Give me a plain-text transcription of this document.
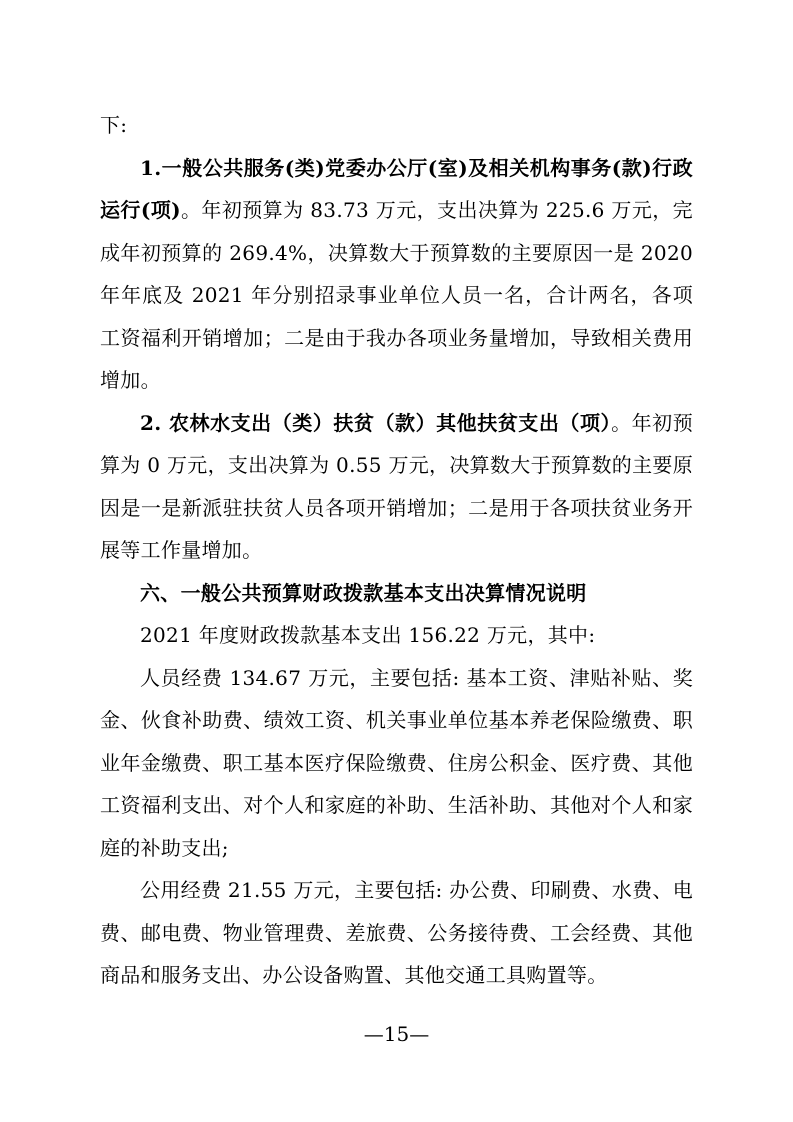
下:

1.一般公共服务(类)党委办公厅(室)及相关机构事务(款)行政运行(项)。年初预算为 83.73 万元，支出决算为 225.6 万元，完成年初预算的 269.4%，决算数大于预算数的主要原因一是 2020 年年底及 2021 年分别招录事业单位人员一名，合计两名，各项工资福利开销增加；二是由于我办各项业务量增加，导致相关费用增加。

2. 农林水支出（类）扶贫（款）其他扶贫支出（项）。年初预算为 0 万元，支出决算为 0.55 万元，决算数大于预算数的主要原因是一是新派驻扶贫人员各项开销增加；二是用于各项扶贫业务开展等工作量增加。

六、一般公共预算财政拨款基本支出决算情况说明

2021 年度财政拨款基本支出 156.22 万元，其中:

人员经费 134.67 万元，主要包括: 基本工资、津贴补贴、奖金、伙食补助费、绩效工资、机关事业单位基本养老保险缴费、职业年金缴费、职工基本医疗保险缴费、住房公积金、医疗费、其他工资福利支出、对个人和家庭的补助、生活补助、其他对个人和家庭的补助支出;

公用经费 21.55 万元，主要包括: 办公费、印刷费、水费、电费、邮电费、物业管理费、差旅费、公务接待费、工会经费、其他商品和服务支出、办公设备购置、其他交通工具购置等。

—15—
